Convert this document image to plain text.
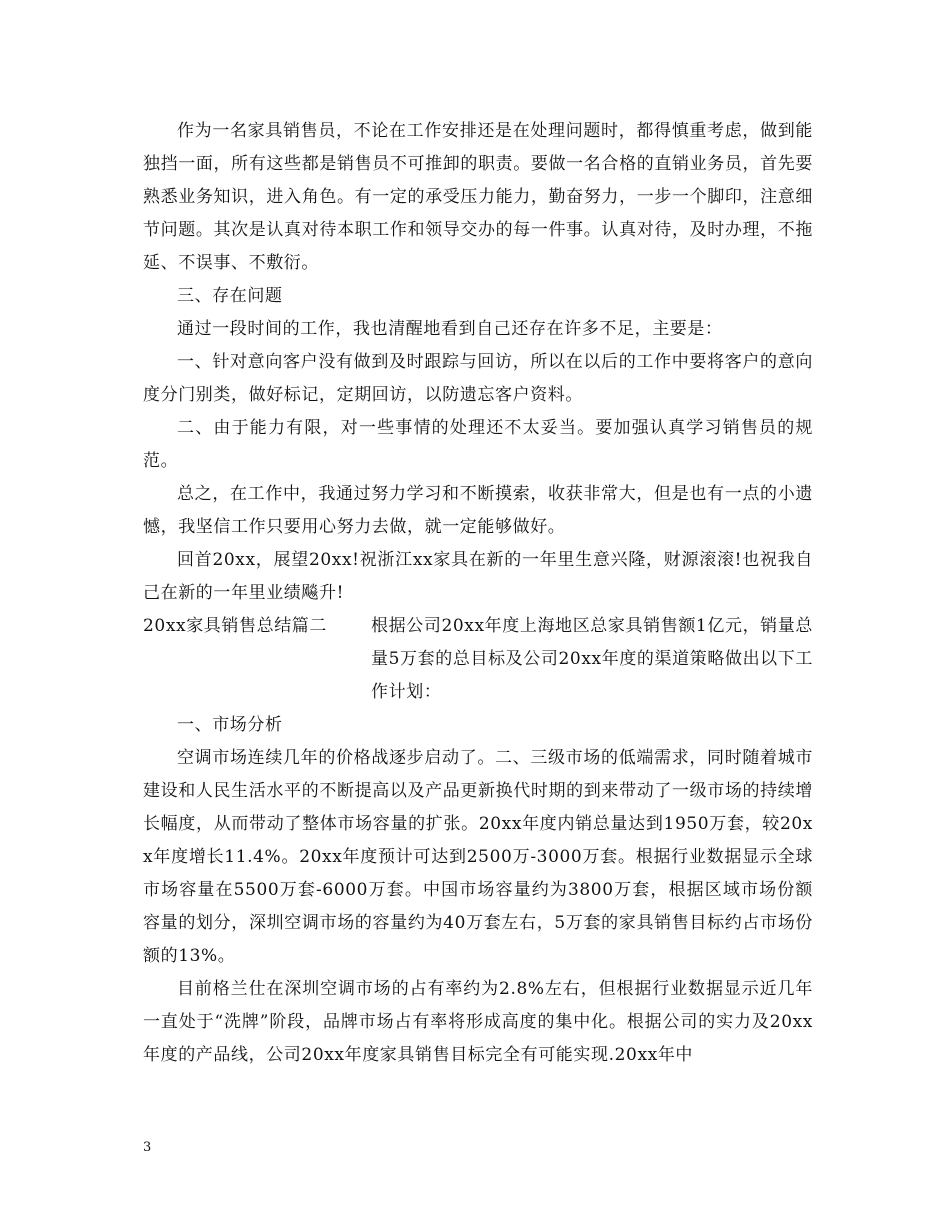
作为一名家具销售员，不论在工作安排还是在处理问题时，都得慎重考虑，做到能独挡一面，所有这些都是销售员不可推卸的职责。要做一名合格的直销业务员，首先要熟悉业务知识，进入角色。有一定的承受压力能力，勤奋努力，一步一个脚印，注意细节问题。其次是认真对待本职工作和领导交办的每一件事。认真对待，及时办理，不拖延、不误事、不敷衍。

三、存在问题

通过一段时间的工作，我也清醒地看到自己还存在许多不足，主要是：

一、针对意向客户没有做到及时跟踪与回访，所以在以后的工作中要将客户的意向度分门别类，做好标记，定期回访，以防遗忘客户资料。

二、由于能力有限，对一些事情的处理还不太妥当。要加强认真学习销售员的规范。

总之，在工作中，我通过努力学习和不断摸索，收获非常大，但是也有一点的小遗憾，我坚信工作只要用心努力去做，就一定能够做好。

回首20xx，展望20xx!祝浙江xx家具在新的一年里生意兴隆，财源滚滚!也祝我自己在新的一年里业绩飚升!

20xx家具销售总结篇二	根据公司20xx年度上海地区总家具销售额1亿元，销量总量5万套的总目标及公司20xx年度的渠道策略做出以下工作计划：

一、市场分析

空调市场连续几年的价格战逐步启动了。二、三级市场的低端需求，同时随着城市建设和人民生活水平的不断提高以及产品更新换代时期的到来带动了一级市场的持续增长幅度，从而带动了整体市场容量的扩张。20xx年度内销总量达到1950万套，较20xx年度增长11.4%。20xx年度预计可达到2500万-3000万套。根据行业数据显示全球市场容量在5500万套-6000万套。中国市场容量约为3800万套，根据区域市场份额容量的划分，深圳空调市场的容量约为40万套左右，5万套的家具销售目标约占市场份额的13%。

目前格兰仕在深圳空调市场的占有率约为2.8%左右，但根据行业数据显示近几年一直处于“洗牌”阶段，品牌市场占有率将形成高度的集中化。根据公司的实力及20xx年度的产品线，公司20xx年度家具销售目标完全有可能实现.20xx年中

3
